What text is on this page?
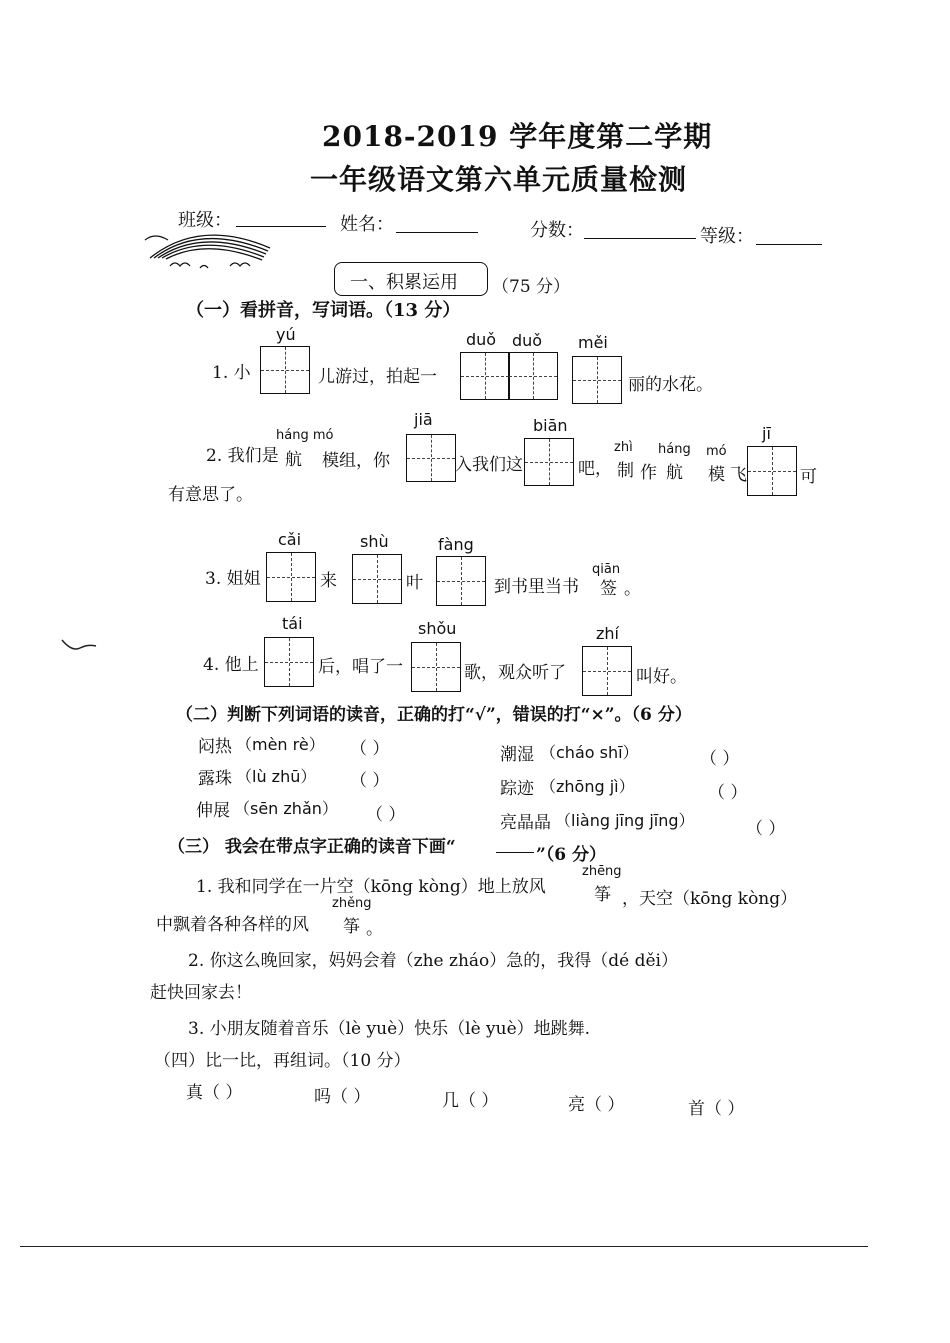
2018-2019 学年度第二学期
一年级语文第六单元质量检测
班级：	姓名：	分数：	等级：
一、积累运用 （75 分）
（一）看拼音，写词语。（13 分）
yú	duǒ duǒ měi
1. 小	儿游过，拍起一	丽的水花。
háng mó
jiā	biān
zhì háng mó
jī
2. 我们是 航 模组，你	入我们这	吧， 制 作 航 模 飞	可
有意思了。
cǎi	shù	fàng
qiān
3. 姐姐	来	叶	到书里当书 签 。
tái	shǒu	zhí
4. 他上	后，唱了一	歌，观众听了	叫好。
（二）判断下列词语的读音，正确的打“√”，错误的打“×”。（6 分）
闷热 （mèn rè） （ ）	潮湿 （cháo shī）	（ ）
露珠 （lù zhū） （ ）	踪迹 （zhōng jì）	（ ）
伸展 （sēn zhǎn） （ ）	亮晶晶 （liàng jīng jīng）	（ ）
（三） 我会在带点字正确的读音下画“	”（6 分）
1. 我和同学在一片空（kōng kòng）地上放风
zhēng
筝 ，天空（kōng kòng）
中飘着各种各样的风
zhěng
筝 。
2. 你这么晚回家，妈妈会着（zhe zháo）急的，我得（dé děi）
赶快回家去！
3. 小朋友随着音乐（lè yuè）快乐（lè yuè）地跳舞.
（四）比一比，再组词。（10 分）
真（ ）	吗（ ）	几（ ）	亮（ ）	首（ ）
